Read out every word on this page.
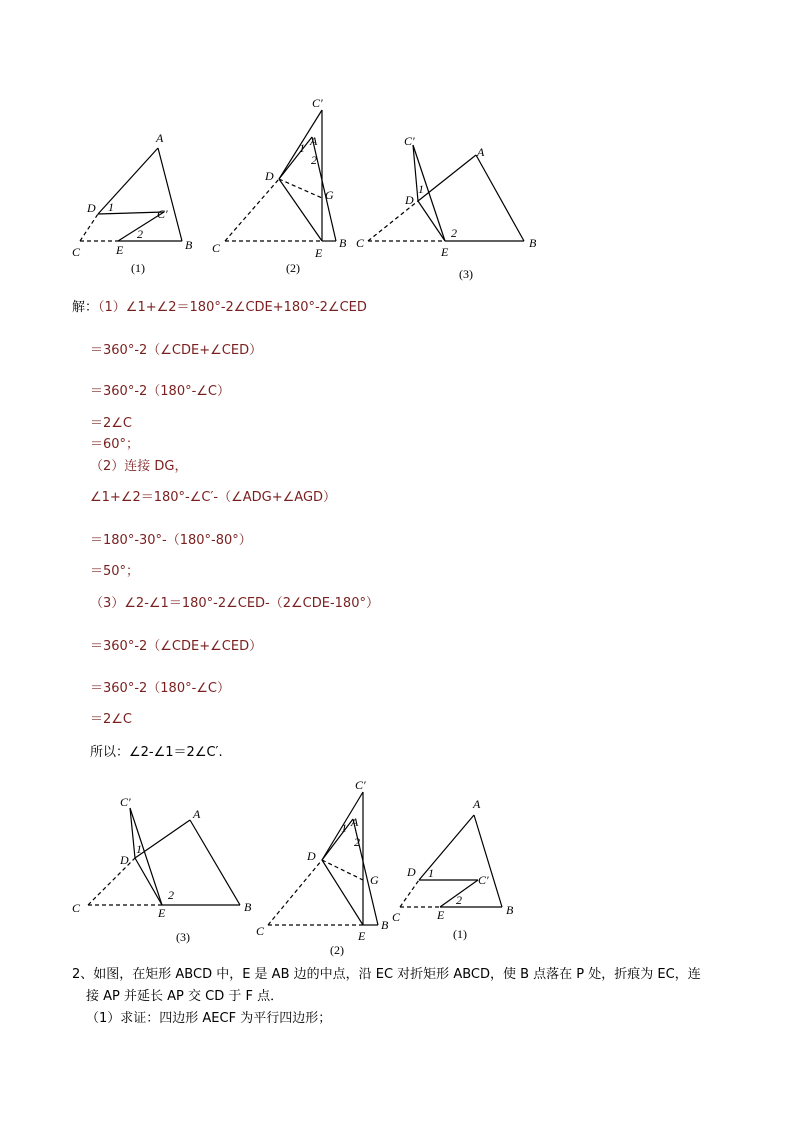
A
B
C
D
E
C′
1
2
(1)
C′
A
B
C
D
E
G
1
2
(2)
C′
A
B
C
D
E
1
2
(3)
C′
A
B
C
D
E
1
2
(3)
C′
A
B
C
D
E
G
1
2
(2)
A
B
C
D
E
C′
1
2
(1)
解：（1）∠1+∠2＝180°-2∠CDE+180°-2∠CED
＝360°-2（∠CDE+∠CED）
＝360°-2（180°-∠C）
＝2∠C
＝60°；
（2）连接 DG，
∠1+∠2＝180°-∠C′-（∠ADG+∠AGD）
＝180°-30°-（180°-80°）
＝50°；
（3）∠2-∠1＝180°-2∠CED-（2∠CDE-180°）
＝360°-2（∠CDE+∠CED）
＝360°-2（180°-∠C）
＝2∠C
所以：∠2-∠1＝2∠C′.
2、如图，在矩形 ABCD 中，E 是 AB 边的中点，沿 EC 对折矩形 ABCD，使 B 点落在 P 处，折痕为 EC，连
接 AP 并延长 AP 交 CD 于 F 点．
（1）求证：四边形 AECF 为平行四边形；
